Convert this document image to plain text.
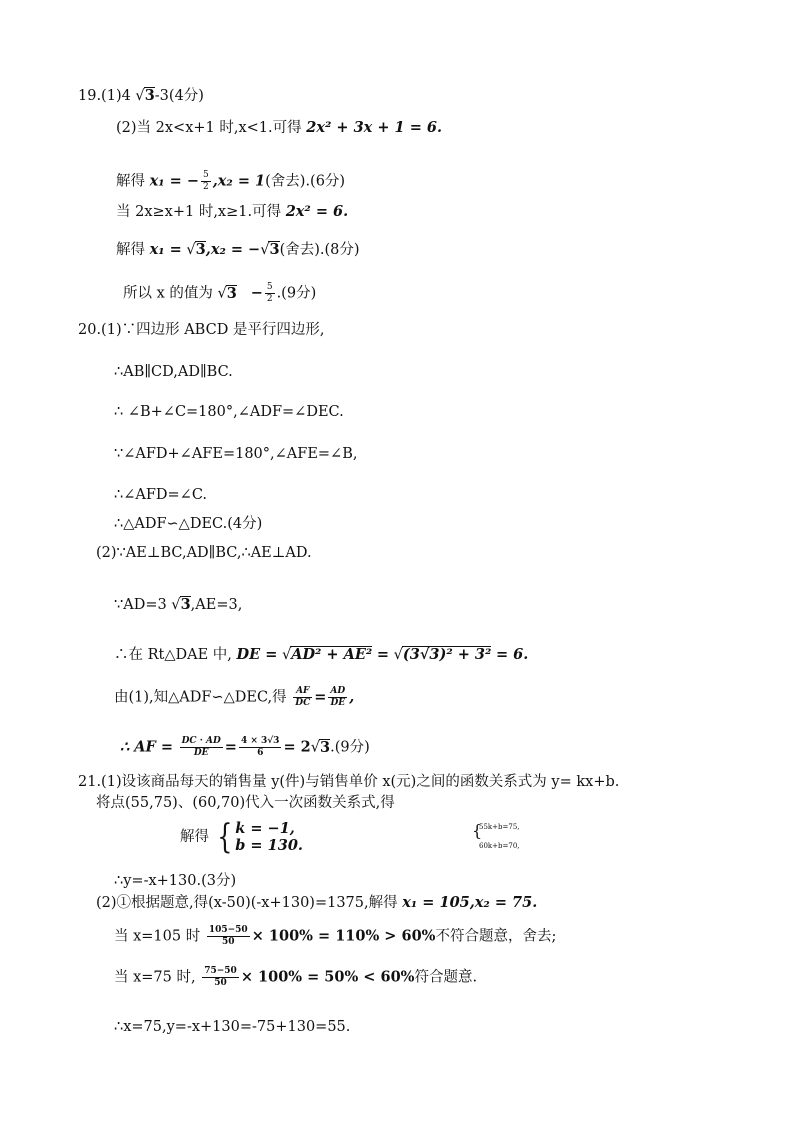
19.(1)4 √3-3(4分)
(2)当 2x<x+1 时,x<1.可得 2x² + 3x + 1 = 6.
解得 x₁ = − $\frac{5}{2} ,x_2 = 1$(舍去).(6分)
当 2x≥x+1 时,x≥1.可得 2x² = 6.
解得 x₁ = √3,x₂ = −√3(舍去).(8分)
所以 x 的值为 $√3 - \frac{5}{2} .(9$分)
20.(1)∵四边形 ABCD 是平行四边形,
∴AB∥CD,AD∥BC.
∴ ∠B+∠C=180°,∠ADF=∠DEC.
∵∠AFD+∠AFE=180°,∠AFE=∠B,
∴∠AFD=∠C.
∴△ADF∽△DEC.(4分)
(2)∵AE⊥BC,AD∥BC,∴AE⊥AD.
∵AD=3 √3,AE=3,
∴在 Rt△DAE 中, DE = √AD² + AE² = √(3√3)² + 3² = 6.
由(1),知△ADF∽△DEC,得 $\frac{AF}{DC} = \frac{AD}{DE}$ ,
∴ AF = $\frac{DC \cdot AD}{DE} = \frac{4 \times 3√3}{6} = 2√3.(9$分)
21.(1)设该商品每天的销售量 y(件)与销售单价 x(元)之间的函数关系式为 y= kx+b.
将点(55,75)、(60,70)代入一次函数关系式,得
解得 { k = −1,
b = 130.
{
55k+b=75,
60k+b=70,
∴y=-x+130.(3分)
(2)①根据题意,得(x-50)(-x+130)=1375,解得 x₁ = 105,x₂ = 75.
当 x=105 时 $\frac{105-50}{50} \times 100\% = 110\% > 60\%$不符合题意，舍去;
当 x=75 时, $\frac{75-50}{50} \times 100\% = 50\% < 60\%$符合题意.
∴x=75,y=-x+130=-75+130=55.
